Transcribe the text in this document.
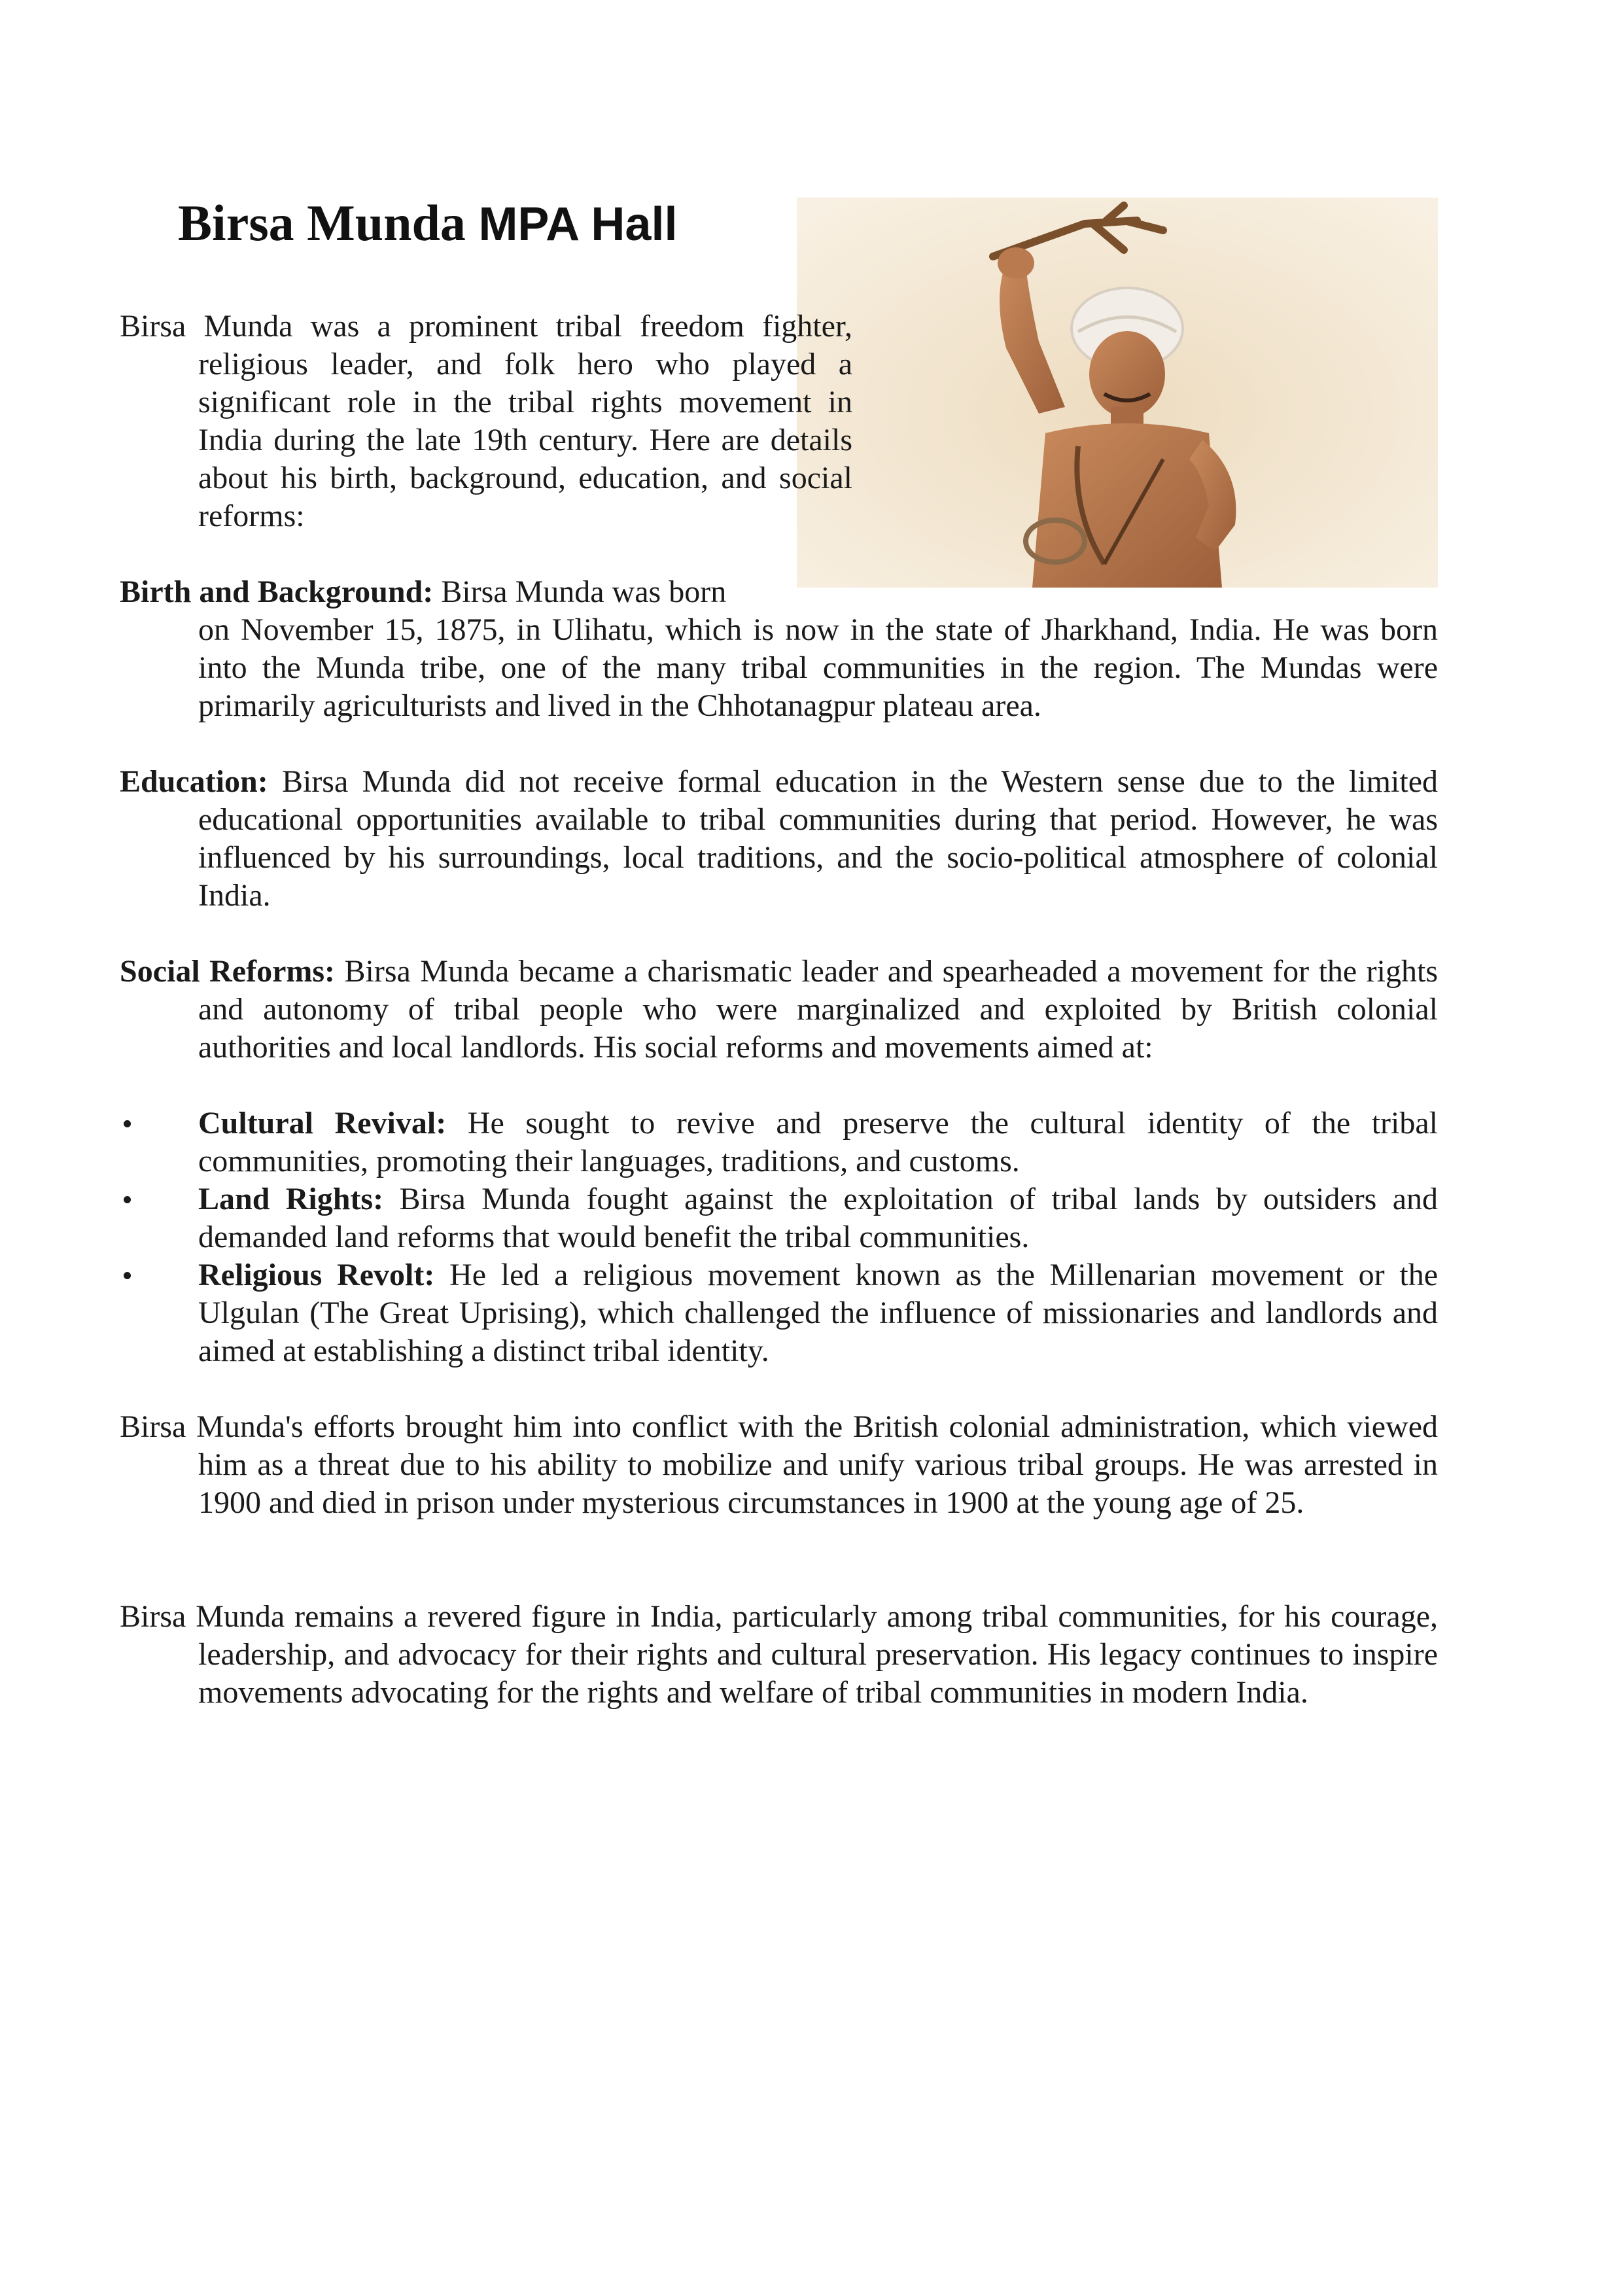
Birsa Munda MPA Hall

Birsa Munda was a prominent tribal freedom fighter, religious leader, and folk hero who played a significant role in the tribal rights movement in India during the late 19th century. Here are details about his birth, background, education, and social reforms:

Birth and Background: Birsa Munda was born

on November 15, 1875, in Ulihatu, which is now in the state of Jharkhand, India. He was born into the Munda tribe, one of the many tribal communities in the region. The Mundas were primarily agriculturists and lived in the Chhotanagpur plateau area.

Education: Birsa Munda did not receive formal education in the Western sense due to the limited educational opportunities available to tribal communities during that period. However, he was influenced by his surroundings, local traditions, and the socio-political atmosphere of colonial India.

Social Reforms: Birsa Munda became a charismatic leader and spearheaded a movement for the rights and autonomy of tribal people who were marginalized and exploited by British colonial authorities and local landlords. His social reforms and movements aimed at:

Cultural Revival: He sought to revive and preserve the cultural identity of the tribal communities, promoting their languages, traditions, and customs.
Land Rights: Birsa Munda fought against the exploitation of tribal lands by outsiders and demanded land reforms that would benefit the tribal communities.
Religious Revolt: He led a religious movement known as the Millenarian movement or the Ulgulan (The Great Uprising), which challenged the influence of missionaries and landlords and aimed at establishing a distinct tribal identity.

Birsa Munda's efforts brought him into conflict with the British colonial administration, which viewed him as a threat due to his ability to mobilize and unify various tribal groups. He was arrested in 1900 and died in prison under mysterious circumstances in 1900 at the young age of 25.

Birsa Munda remains a revered figure in India, particularly among tribal communities, for his courage, leadership, and advocacy for their rights and cultural preservation. His legacy continues to inspire movements advocating for the rights and welfare of tribal communities in modern India.
